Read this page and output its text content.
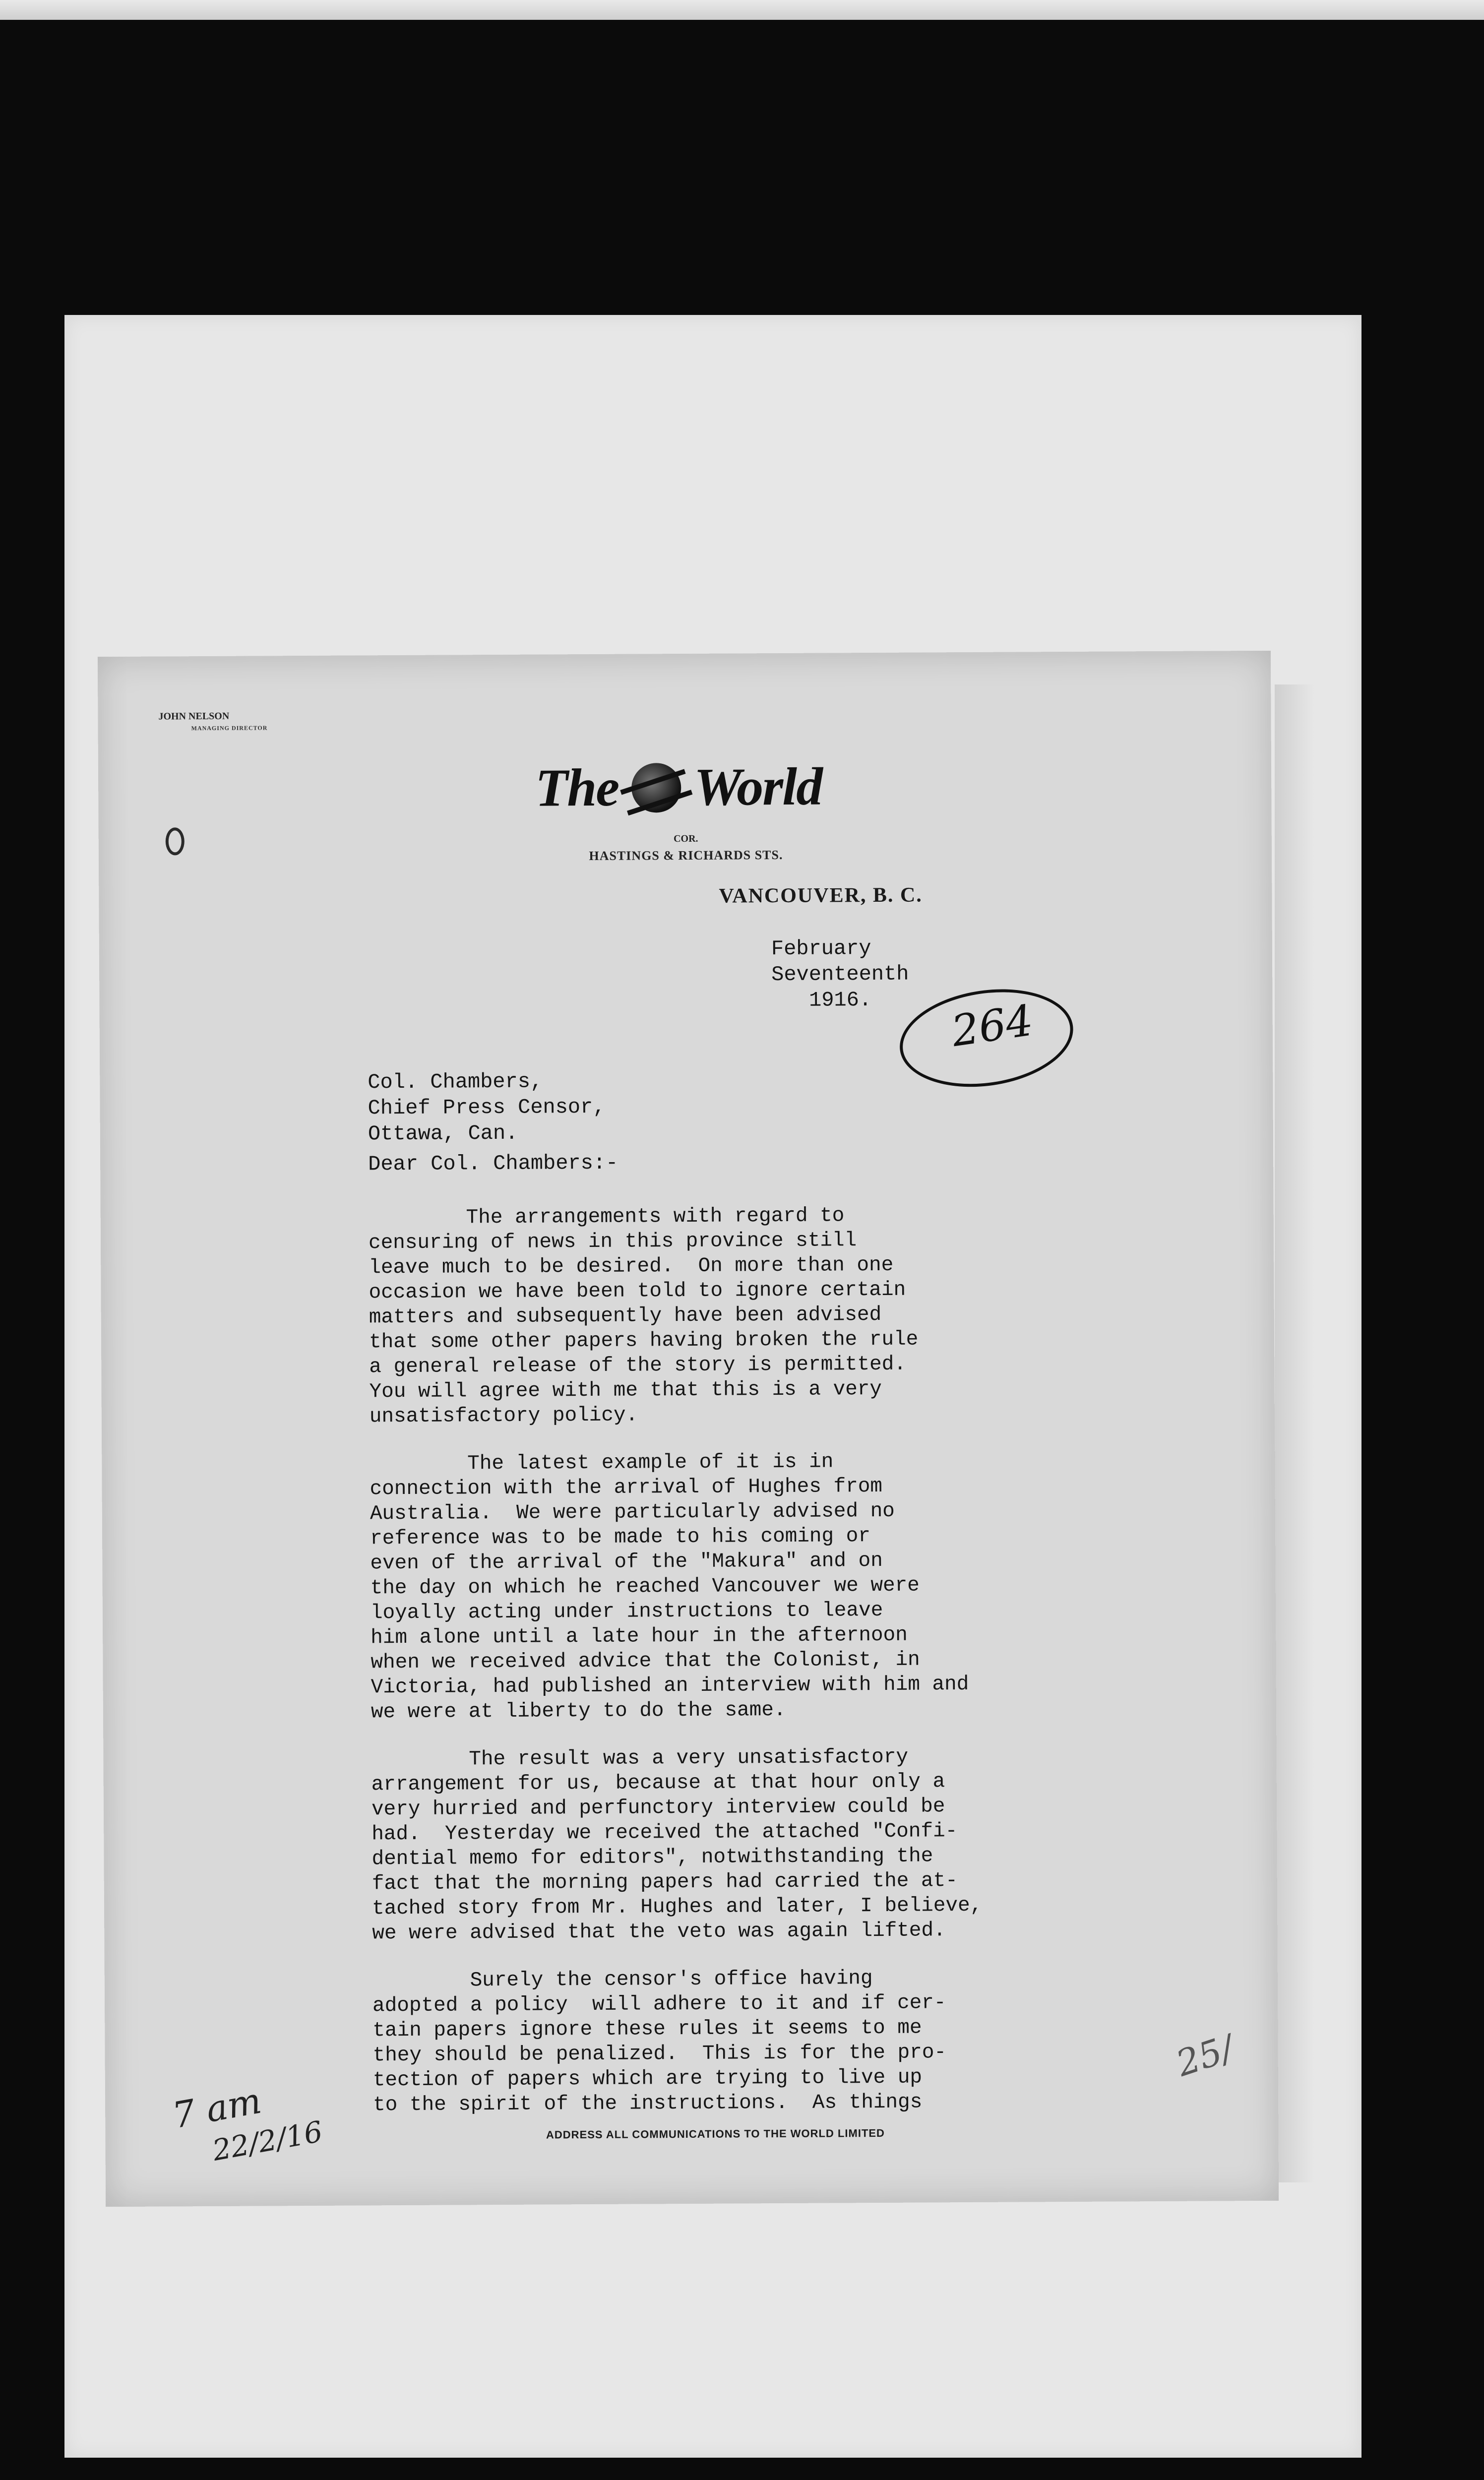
JOHN NELSON
MANAGING DIRECTOR
The World
COR.
HASTINGS & RICHARDS STS.
VANCOUVER, B. C.
February
Seventeenth
1916.	264
Col. Chambers,
Chief Press Censor,
Ottawa, Can.
Dear Col. Chambers:-
The arrangements with regard to
censuring of news in this province still
leave much to be desired.  On more than one
occasion we have been told to ignore certain
matters and subsequently have been advised
that some other papers having broken the rule
a general release of the story is permitted.
You will agree with me that this is a very
unsatisfactory policy.
The latest example of it is in
connection with the arrival of Hughes from
Australia.  We were particularly advised no
reference was to be made to his coming or
even of the arrival of the "Makura" and on
the day on which he reached Vancouver we were
loyally acting under instructions to leave
him alone until a late hour in the afternoon
when we received advice that the Colonist, in
Victoria, had published an interview with him and
we were at liberty to do the same.
The result was a very unsatisfactory
arrangement for us, because at that hour only a
very hurried and perfunctory interview could be
had.  Yesterday we received the attached "Confi-
dential memo for editors", notwithstanding the
fact that the morning papers had carried the at-
tached story from Mr. Hughes and later, I believe,
we were advised that the veto was again lifted.
Surely the censor's office having
adopted a policy  will adhere to it and if cer-
tain papers ignore these rules it seems to me
they should be penalized.  This is for the pro-
tection of papers which are trying to live up
to the spirit of the instructions.  As things
7 am
22/2/16
25/
ADDRESS ALL COMMUNICATIONS TO THE WORLD LIMITED
